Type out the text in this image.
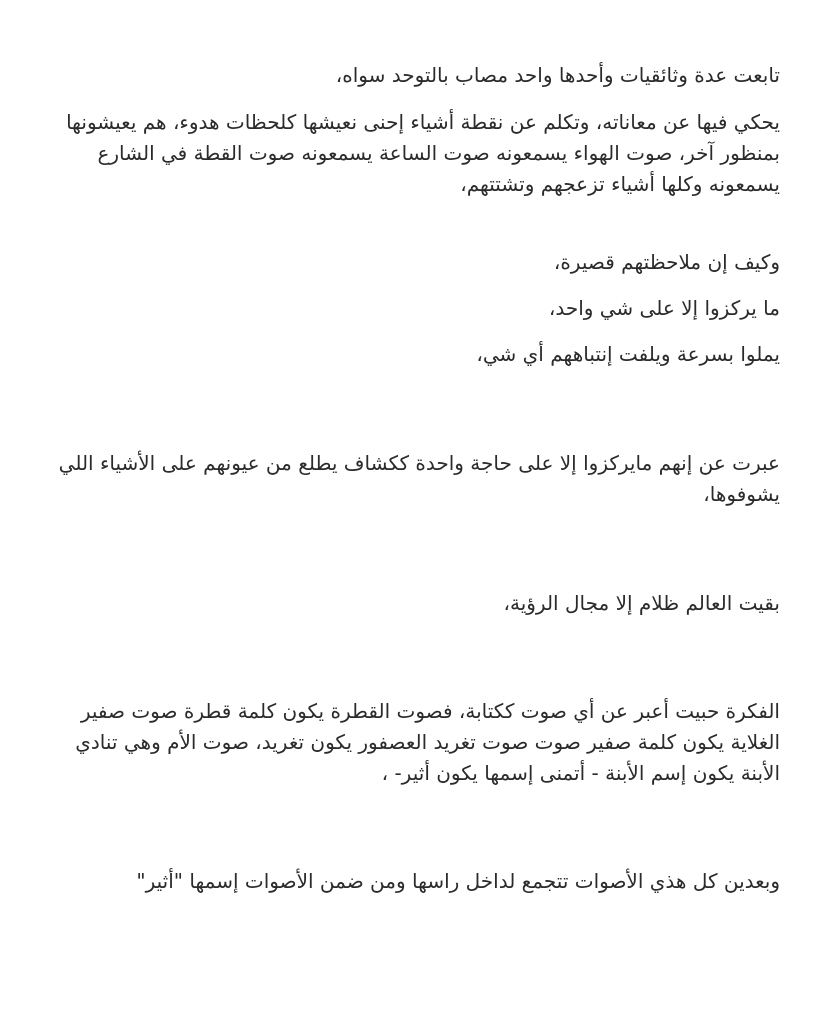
تابعت عدة وثائقيات وأحدها واحد مصاب بالتوحد سواه،

يحكي فيها عن معاناته، وتكلم عن نقطة أشياء إحنى نعيشها كلحظات هدوء، هم يعيشونها بمنظور آخر، صوت الهواء يسمعونه صوت الساعة يسمعونه صوت القطة في الشارع يسمعونه وكلها أشياء تزعجهم وتشتتهم،

وكيف إن ملاحظتهم قصيرة،

ما يركزوا إلا على شي واحد،

يملوا بسرعة ويلفت إنتباههم أي شي،

عبرت عن إنهم مايركزوا إلا على حاجة واحدة ككشاف يطلع من عيونهم على الأشياء اللي يشوفوها،

بقيت العالم ظلام إلا مجال الرؤية،

الفكرة حبيت أعبر عن أي صوت ككتابة، فصوت القطرة يكون كلمة قطرة صوت صفير الغلاية يكون كلمة صفير صوت صوت تغريد العصفور يكون تغريد، صوت الأم وهي تنادي الأبنة يكون إسم الأبنة - أتمنى إسمها يكون أثير- ،

وبعدين كل هذي الأصوات تتجمع لداخل راسها ومن ضمن الأصوات إسمها "أثير"
